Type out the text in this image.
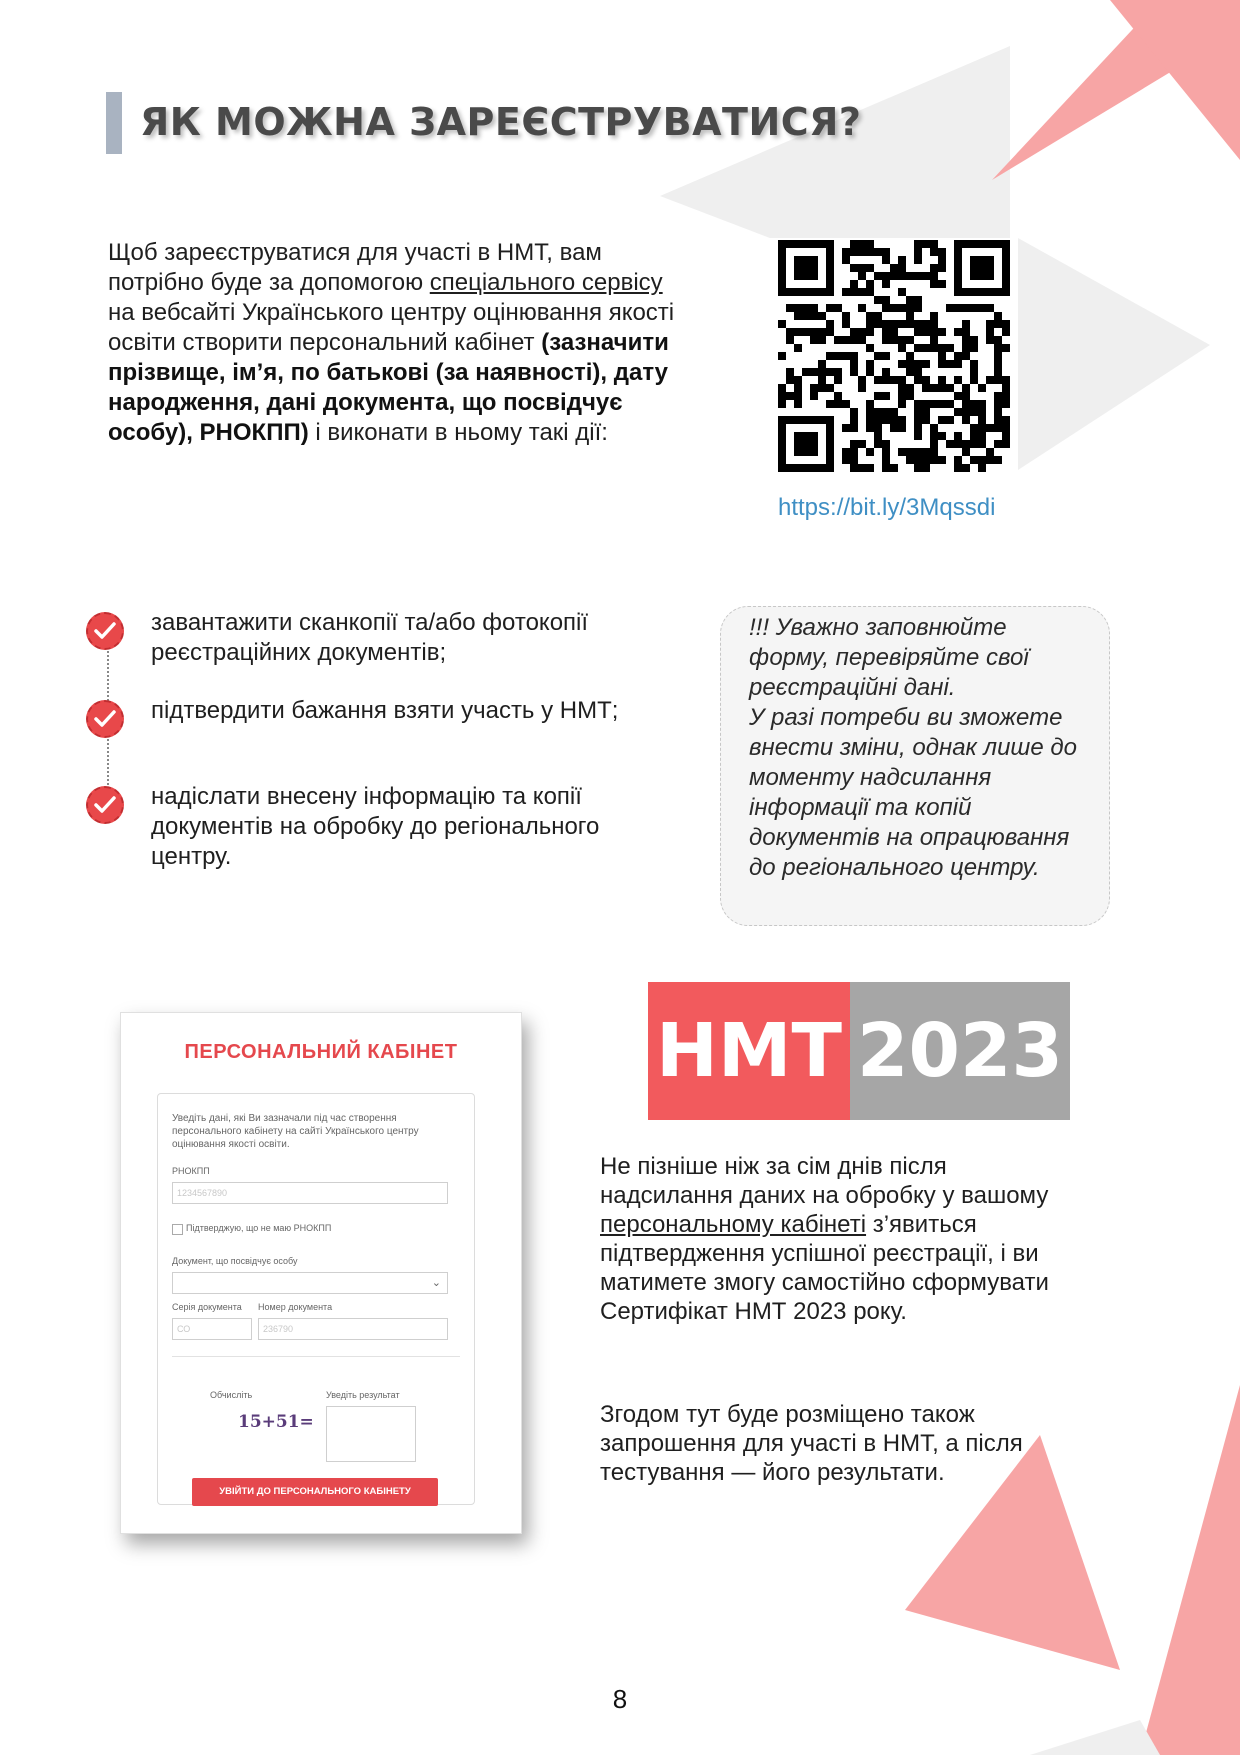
ЯК МОЖНА ЗАРЕЄСТРУВАТИСЯ?
Щоб зареєструватися для участі в НМТ, вам потрібно буде за допомогою спеціального сервісу на вебсайті Українського центру оцінювання якості освіти створити персональний кабінет (зазначити прізвище, ім’я, по батькові (за наявності), дату народження, дані документа, що посвідчує особу), РНОКПП) і виконати в ньому такі дії:
https://bit.ly/3Mqssdi
завантажити сканкопії та/або фотокопії реєстраційних документів;
підтвердити бажання взяти участь у НМТ;
надіслати внесену інформацію та копії документів на обробку до регіонального центру.
!!! Уважно заповнюйте форму, перевіряйте свої реєстраційні дані.
У разі потреби ви зможете внести зміни, однак лише до моменту надсилання інформації та копій документів на опрацювання до регіонального центру.
ПЕРСОНАЛЬНИЙ КАБІНЕТ
Уведіть дані, які Ви зазначали під час створення персонального кабінету на сайті Українського центру оцінювання якості освіти.
РНОКПП
1234567890
Підтверджую, що не маю РНОКПП
Документ, що посвідчує особу
⌄
Серія документа Номер документа
СО	236790
Обчисліть
15+51=
Уведіть результат
УВІЙТИ ДО ПЕРСОНАЛЬНОГО КАБІНЕТУ
НМТ 2023
Не пізніше ніж за сім днів після надсилання даних на обробку у вашому персональному кабінеті з’явиться підтвердження успішної реєстрації, і ви матимете змогу самостійно сформувати Сертифікат НМТ 2023 року.
Згодом тут буде розміщено також запрошення для участі в НМТ, а після тестування — його результати.
8
